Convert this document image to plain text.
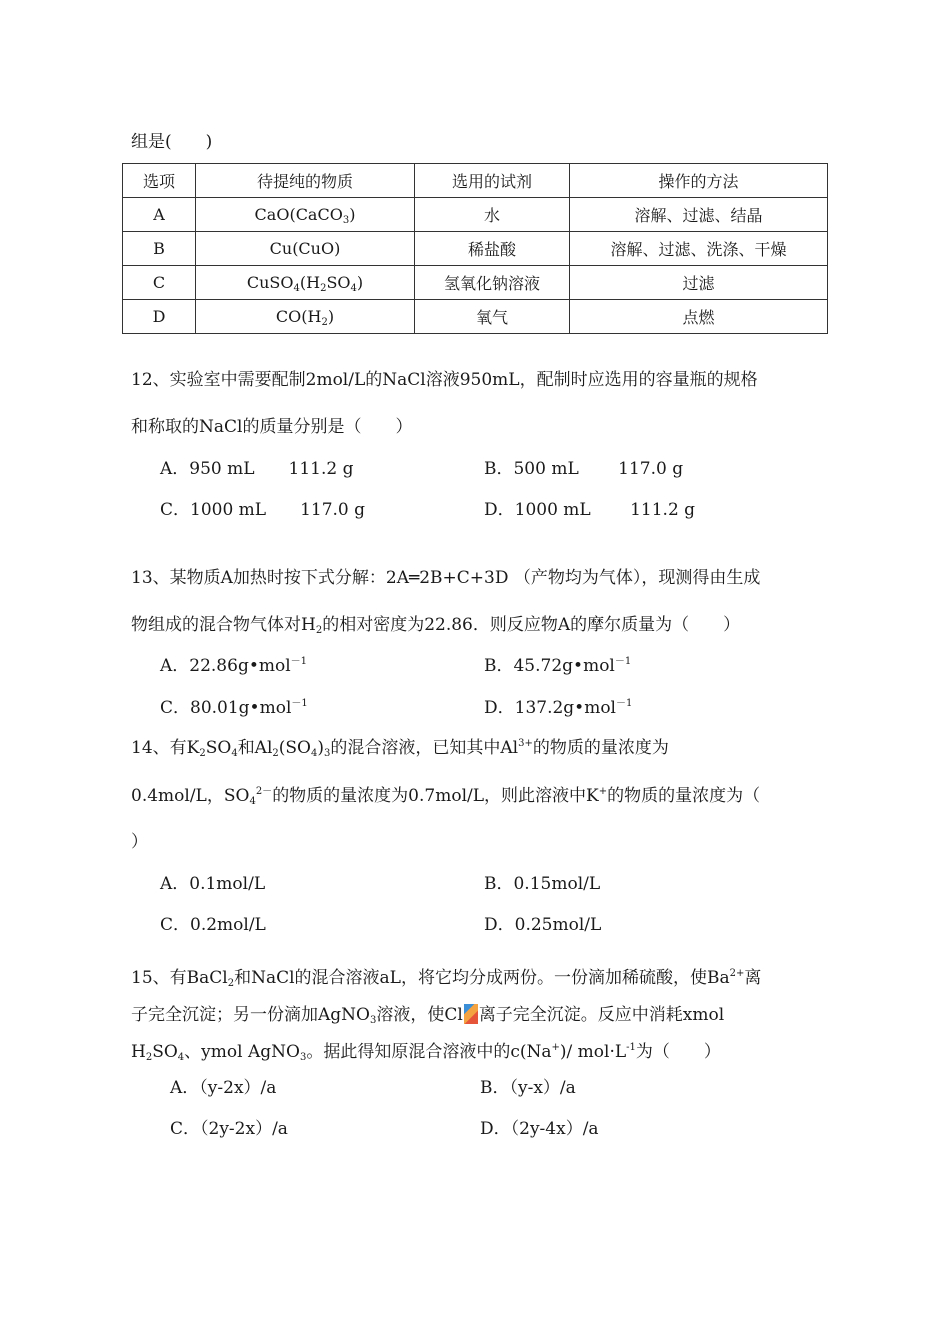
组是(　　)
选项	待提纯的物质	选用的试剂	操作的方法
A	CaO(CaCO$_3$)	水	溶解、过滤、结晶
B	Cu(CuO)	稀盐酸	溶解、过滤、洗涤、干燥
C	$CuSO_4(H_2SO_4)$	氢氧化钠溶液	过滤
D	$CO(H_2)$	氧气	点燃
12、实验室中需要配制2mol/L的NaCl溶液950mL，配制时应选用的容量瓶的规格
和称取的NaCl的质量分别是（　　）
A．950 mL　　111.2 g	B．500 mL　　 117.0 g
C．1000 mL　　117.0 g	D．1000 mL　　 111.2 g
13、某物质A加热时按下式分解：2A═2B+C+3D （产物均为气体），现测得由生成
物组成的混合物气体对$H_2$的相对密度为22.86．则反应物A的摩尔质量为（　　）
A．22.86g•mol$^{-1}$	B．45.72g•mol$^{-1}$
C．80.01g•mol$^{-1}$	D．137.2g•mol$^{-1}$
14、有$K_2SO_4$和$Al_2(SO_4)_3$的混合溶液，已知其中$Al^{3+}$的物质的量浓度为
0.4mol/L，$SO_4^{2-}$的物质的量浓度为0.7mol/L，则此溶液中K+的物质的量浓度为（
）
A．0.1mol/L	B．0.15mol/L
C．0.2mol/L	D．0.25mol/L
15、有BaCl$_2$和NaCl的混合溶液aL，将它均分成两份。一份滴加稀硫酸，使$Ba^{2+}$离
子完全沉淀；另一份滴加AgNO$_3$溶液，使Cl 离子完全沉淀。反应中消耗xmol
$H_2SO_4$、ymol AgNO$_3$。据此得知原混合溶液中的c(Na+)/ $mol\cdot L^{-1}$为（　　）
A．（y-2x）/a	B．（y-x）/a
C．（2y-2x）/a	D．（2y-4x）/a
